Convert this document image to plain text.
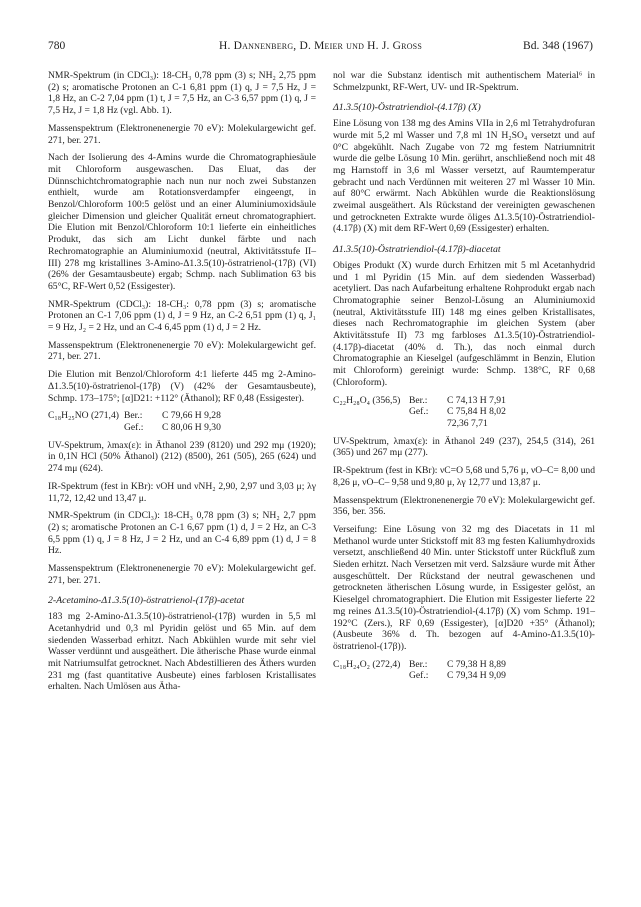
780	H. Dannenberg, D. Meier und H. J. Gross	Bd. 348 (1967)

NMR-Spektrum (in CDCl₃): 18-CH₃ 0,78 ppm (3) s; NH₂ 2,75 ppm (2) s; aromatische Protonen an C-1 6,81 ppm (1) q, J = 7,5 Hz, J = 1,8 Hz, an C-2 7,04 ppm (1) t, J = 7,5 Hz, an C-3 6,57 ppm (1) q, J = 7,5 Hz, J = 1,8 Hz (vgl. Abb. 1).

Massenspektrum (Elektronenenergie 70 eV): Molekulargewicht gef. 271, ber. 271.

Nach der Isolierung des 4-Amins wurde die Chromatographiesäule mit Chloroform ausgewaschen. Das Eluat, das der Dünnschichtchromatographie nach nun nur noch zwei Substanzen enthielt, wurde am Rotationsverdampfer eingeengt, in Benzol/Chloroform 100:5 gelöst und an einer Aluminiumoxidsäule gleicher Dimension und gleicher Qualität erneut chromatographiert. Die Elution mit Benzol/Chloroform 10:1 lieferte ein einheitliches Produkt, das sich am Licht dunkel färbte und nach Rechromatographie an Aluminiumoxid (neutral, Aktivitätsstufe II–III) 278 mg kristallines 3-Amino-Δ1.3.5(10)-östratrienol-(17β) (VI) (26% der Gesamtausbeute) ergab; Schmp. nach Sublimation 63 bis 65°C, RF-Wert 0,52 (Essigester).

NMR-Spektrum (CDCl₃): 18-CH₃: 0,78 ppm (3) s; aromatische Protonen an C-1 7,06 ppm (1) d, J = 9 Hz, an C-2 6,51 ppm (1) q, J₁ = 9 Hz, J₂ = 2 Hz, und an C-4 6,45 ppm (1) d, J = 2 Hz.

Massenspektrum (Elektronenenergie 70 eV): Molekulargewicht gef. 271, ber. 271.

Die Elution mit Benzol/Chloroform 4:1 lieferte 445 mg 2-Amino-Δ1.3.5(10)-östratrienol-(17β) (V) (42% der Gesamtausbeute), Schmp. 173–175°; [α]D21: +112° (Äthanol); RF 0,48 (Essigester).

C₁₈H₂₅NO (271,4) Ber.:	C 79,66 H 9,28
Gef.:	C 80,06 H 9,30

UV-Spektrum, λmax(ε): in Äthanol 239 (8120) und 292 mμ (1920); in 0,1N HCl (50% Äthanol) (212) (8500), 261 (505), 265 (624) und 274 mμ (624).

IR-Spektrum (fest in KBr): νOH und νNH₂ 2,90, 2,97 und 3,03 μ; λγ 11,72, 12,42 und 13,47 μ.

NMR-Spektrum (in CDCl₃): 18-CH₃ 0,78 ppm (3) s; NH₂ 2,7 ppm (2) s; aromatische Protonen an C-1 6,67 ppm (1) d, J = 2 Hz, an C-3 6,5 ppm (1) q, J = 8 Hz, J = 2 Hz, und an C-4 6,89 ppm (1) d, J = 8 Hz.

Massenspektrum (Elektronenenergie 70 eV): Molekulargewicht gef. 271, ber. 271.

2-Acetamino-Δ1.3.5(10)-östratrienol-(17β)-acetat

183 mg 2-Amino-Δ1.3.5(10)-östratrienol-(17β) wurden in 5,5 ml Acetanhydrid und 0,3 ml Pyridin gelöst und 65 Min. auf dem siedenden Wasserbad erhitzt. Nach Abkühlen wurde mit sehr viel Wasser verdünnt und ausgeäthert. Die ätherische Phase wurde einmal mit Natriumsulfat getrocknet. Nach Abdestillieren des Äthers wurden 231 mg (fast quantitative Ausbeute) eines farblosen Kristallisates erhalten. Nach Umlösen aus Ätha-

nol war die Substanz identisch mit authentischem Material⁶ in Schmelzpunkt, RF-Wert, UV- und IR-Spektrum.

Δ1.3.5(10)-Östratriendiol-(4.17β) (X)

Eine Lösung von 138 mg des Amins VIIa in 2,6 ml Tetrahydrofuran wurde mit 5,2 ml Wasser und 7,8 ml 1N H₂SO₄ versetzt und auf 0°C abgekühlt. Nach Zugabe von 72 mg festem Natriumnitrit wurde die gelbe Lösung 10 Min. gerührt, anschließend noch mit 48 mg Harnstoff in 3,6 ml Wasser versetzt, auf Raumtemperatur gebracht und nach Verdünnen mit weiteren 27 ml Wasser 10 Min. auf 80°C erwärmt. Nach Abkühlen wurde die Reaktionslösung zweimal ausgeäthert. Als Rückstand der vereinigten gewaschenen und getrockneten Extrakte wurde öliges Δ1.3.5(10)-Östratriendiol-(4.17β) (X) mit dem RF-Wert 0,69 (Essigester) erhalten.

Δ1.3.5(10)-Östratriendiol-(4.17β)-diacetat

Obiges Produkt (X) wurde durch Erhitzen mit 5 ml Acetanhydrid und 1 ml Pyridin (15 Min. auf dem siedenden Wasserbad) acetyliert. Das nach Aufarbeitung erhaltene Rohprodukt ergab nach Chromatographie seiner Benzol-Lösung an Aluminiumoxid (neutral, Aktivitätsstufe III) 148 mg eines gelben Kristallisates, dieses nach Rechromatographie im gleichen System (aber Aktivitätsstufe II) 73 mg farbloses Δ1.3.5(10)-Östratriendiol-(4.17β)-diacetat (40% d. Th.), das noch einmal durch Chromatographie an Kieselgel (aufgeschlämmt in Benzin, Elution mit Chloroform) gereinigt wurde: Schmp. 138°C, RF 0,68 (Chloroform).

C₂₂H₂₈O₄ (356,5) Ber.:	C 74,13 H 7,91
Gef.:	C 75,84 H 8,02
72,36 7,71

UV-Spektrum, λmax(ε): in Äthanol 249 (237), 254,5 (314), 261 (365) und 267 mμ (277).

IR-Spektrum (fest in KBr): νC=O 5,68 und 5,76 μ, νO–C= 8,00 und 8,26 μ, νO–C– 9,58 und 9,80 μ, λγ 12,77 und 13,87 μ.

Massenspektrum (Elektronenenergie 70 eV): Molekulargewicht gef. 356, ber. 356.

Verseifung: Eine Lösung von 32 mg des Diacetats in 11 ml Methanol wurde unter Stickstoff mit 83 mg festen Kaliumhydroxids versetzt, anschließend 40 Min. unter Stickstoff unter Rückfluß zum Sieden erhitzt. Nach Versetzen mit verd. Salzsäure wurde mit Äther ausgeschüttelt. Der Rückstand der neutral gewaschenen und getrockneten ätherischen Lösung wurde, in Essigester gelöst, an Kieselgel chromatographiert. Die Elution mit Essigester lieferte 22 mg reines Δ1.3.5(10)-Östratriendiol-(4.17β) (X) vom Schmp. 191–192°C (Zers.), RF 0,69 (Essigester), [α]D20 +35° (Äthanol); (Ausbeute 36% d. Th. bezogen auf 4-Amino-Δ1.3.5(10)-östratrienol-(17β)).

C₁₈H₂₄O₂ (272,4) Ber.:	C 79,38 H 8,89
Gef.:	C 79,34 H 9,09
